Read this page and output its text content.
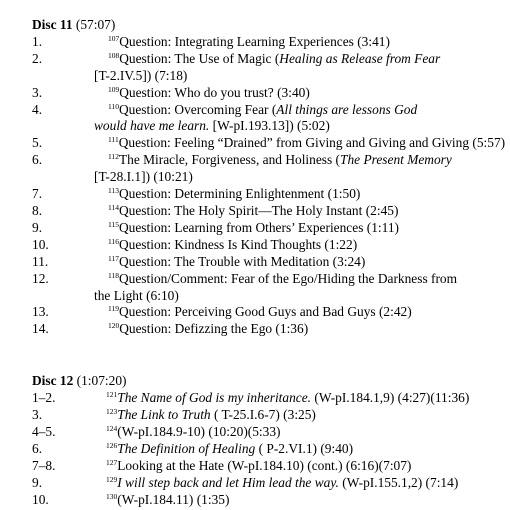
Disc 11 (57:07)
1.	$^{107}$Question: Integrating Learning Experiences (3:41)
2.	$^{108}$Question: The Use of Magic (Healing as Release from Fear
[T-2.IV.5]) (7:18)
3.	$^{109}$Question: Who do you trust? (3:40)
4.	$^{110}$Question: Overcoming Fear (All things are lessons God
would have me learn. [W-pI.193.13]) (5:02)
5.	$^{111}$Question: Feeling “Drained” from Giving and Giving and Giving (5:57)
6.	$^{112}$The Miracle, Forgiveness, and Holiness (The Present Memory
[T-28.I.1]) (10:21)
7.	$^{113}$Question: Determining Enlightenment (1:50)
8.	$^{114}$Question: The Holy Spirit—The Holy Instant (2:45)
9.	$^{115}$Question: Learning from Others’ Experiences (1:11)
10.	$^{116}$Question: Kindness Is Kind Thoughts (1:22)
11.	$^{117}$Question: The Trouble with Meditation (3:24)
12.	$^{118}$Question/Comment: Fear of the Ego/Hiding the Darkness from
the Light (6:10)
13.	$^{119}$Question: Perceiving Good Guys and Bad Guys (2:42)
14.	$^{120}$Question: Defizzing the Ego (1:36)
Disc 12 (1:07:20)
1–2.	$^{121}$The Name of God is my inheritance. (W-pI.184.1,9) (4:27)(11:36)
3.	$^{123}$The Link to Truth ( T-25.I.6-7) (3:25)
4–5.	$^{124}$(W-pI.184.9-10) (10:20)(5:33)
6.	$^{126}$The Definition of Healing ( P-2.VI.1) (9:40)
7–8.	$^{127}$Looking at the Hate (W-pI.184.10) (cont.) (6:16)(7:07)
9.	$^{129}$I will step back and let Him lead the way. (W-pI.155.1,2) (7:14)
10.	$^{130}$(W-pI.184.11) (1:35)
